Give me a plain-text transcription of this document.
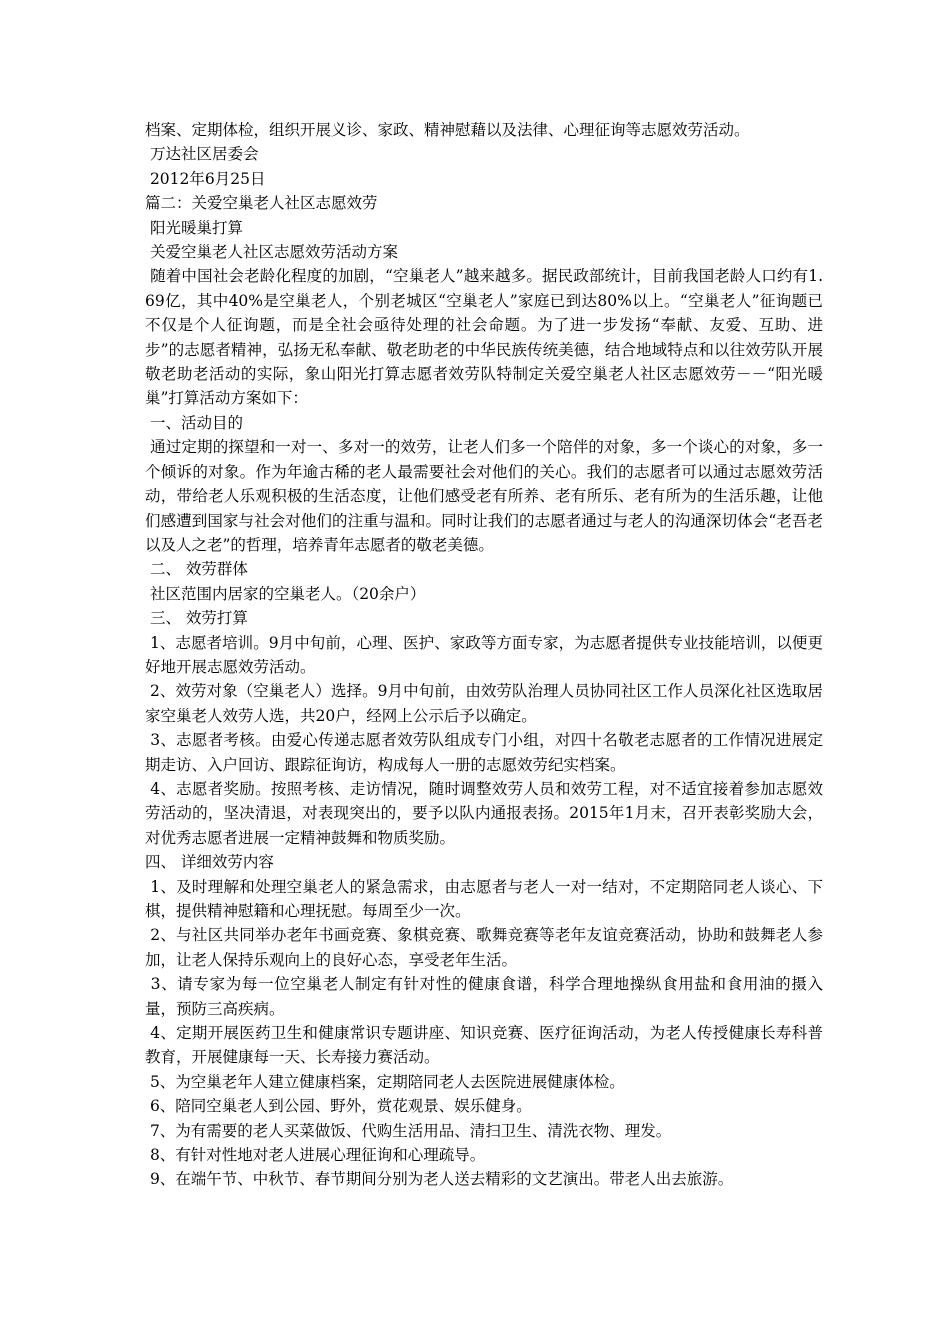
档案、定期体检，组织开展义诊、家政、精神慰藉以及法律、心理征询等志愿效劳活动。

万达社区居委会

2012年6月25日

篇二：关爱空巢老人社区志愿效劳

阳光暖巢打算

关爱空巢老人社区志愿效劳活动方案

随着中国社会老龄化程度的加剧，“空巢老人”越来越多。据民政部统计，目前我国老龄人口约有1.69亿，其中40%是空巢老人，个别老城区“空巢老人”家庭已到达80%以上。“空巢老人”征询题已不仅是个人征询题，而是全社会亟待处理的社会命题。为了进一步发扬“奉献、友爱、互助、进步”的志愿者精神，弘扬无私奉献、敬老助老的中华民族传统美德，结合地域特点和以往效劳队开展敬老助老活动的实际，象山阳光打算志愿者效劳队特制定关爱空巢老人社区志愿效劳－－“阳光暖巢”打算活动方案如下：

一、活动目的

通过定期的探望和一对一、多对一的效劳，让老人们多一个陪伴的对象，多一个谈心的对象，多一个倾诉的对象。作为年逾古稀的老人最需要社会对他们的关心。我们的志愿者可以通过志愿效劳活动，带给老人乐观积极的生活态度，让他们感受老有所养、老有所乐、老有所为的生活乐趣，让他们感遭到国家与社会对他们的注重与温和。同时让我们的志愿者通过与老人的沟通深切体会“老吾老以及人之老”的哲理，培养青年志愿者的敬老美德。

二、 效劳群体

社区范围内居家的空巢老人。（20余户）

三、 效劳打算

1、志愿者培训。9月中旬前，心理、医护、家政等方面专家，为志愿者提供专业技能培训，以便更好地开展志愿效劳活动。

2、效劳对象（空巢老人）选择。9月中旬前，由效劳队治理人员协同社区工作人员深化社区选取居家空巢老人效劳人选，共20户，经网上公示后予以确定。

3、志愿者考核。由爱心传递志愿者效劳队组成专门小组，对四十名敬老志愿者的工作情况进展定期走访、入户回访、跟踪征询访，构成每人一册的志愿效劳纪实档案。

4、志愿者奖励。按照考核、走访情况，随时调整效劳人员和效劳工程，对不适宜接着参加志愿效劳活动的，坚决清退，对表现突出的，要予以队内通报表扬。2015年1月末，召开表彰奖励大会，对优秀志愿者进展一定精神鼓舞和物质奖励。

四、 详细效劳内容

1、及时理解和处理空巢老人的紧急需求，由志愿者与老人一对一结对，不定期陪同老人谈心、下棋，提供精神慰籍和心理抚慰。每周至少一次。

2、与社区共同举办老年书画竞赛、象棋竞赛、歌舞竞赛等老年友谊竞赛活动，协助和鼓舞老人参加，让老人保持乐观向上的良好心态，享受老年生活。

3、请专家为每一位空巢老人制定有针对性的健康食谱，科学合理地操纵食用盐和食用油的摄入量，预防三高疾病。

4、定期开展医药卫生和健康常识专题讲座、知识竞赛、医疗征询活动，为老人传授健康长寿科普教育，开展健康每一天、长寿接力赛活动。

5、为空巢老年人建立健康档案，定期陪同老人去医院进展健康体检。

6、陪同空巢老人到公园、野外，赏花观景、娱乐健身。

7、为有需要的老人买菜做饭、代购生活用品、清扫卫生、清洗衣物、理发。

8、有针对性地对老人进展心理征询和心理疏导。

9、在端午节、中秋节、春节期间分别为老人送去精彩的文艺演出。带老人出去旅游。
